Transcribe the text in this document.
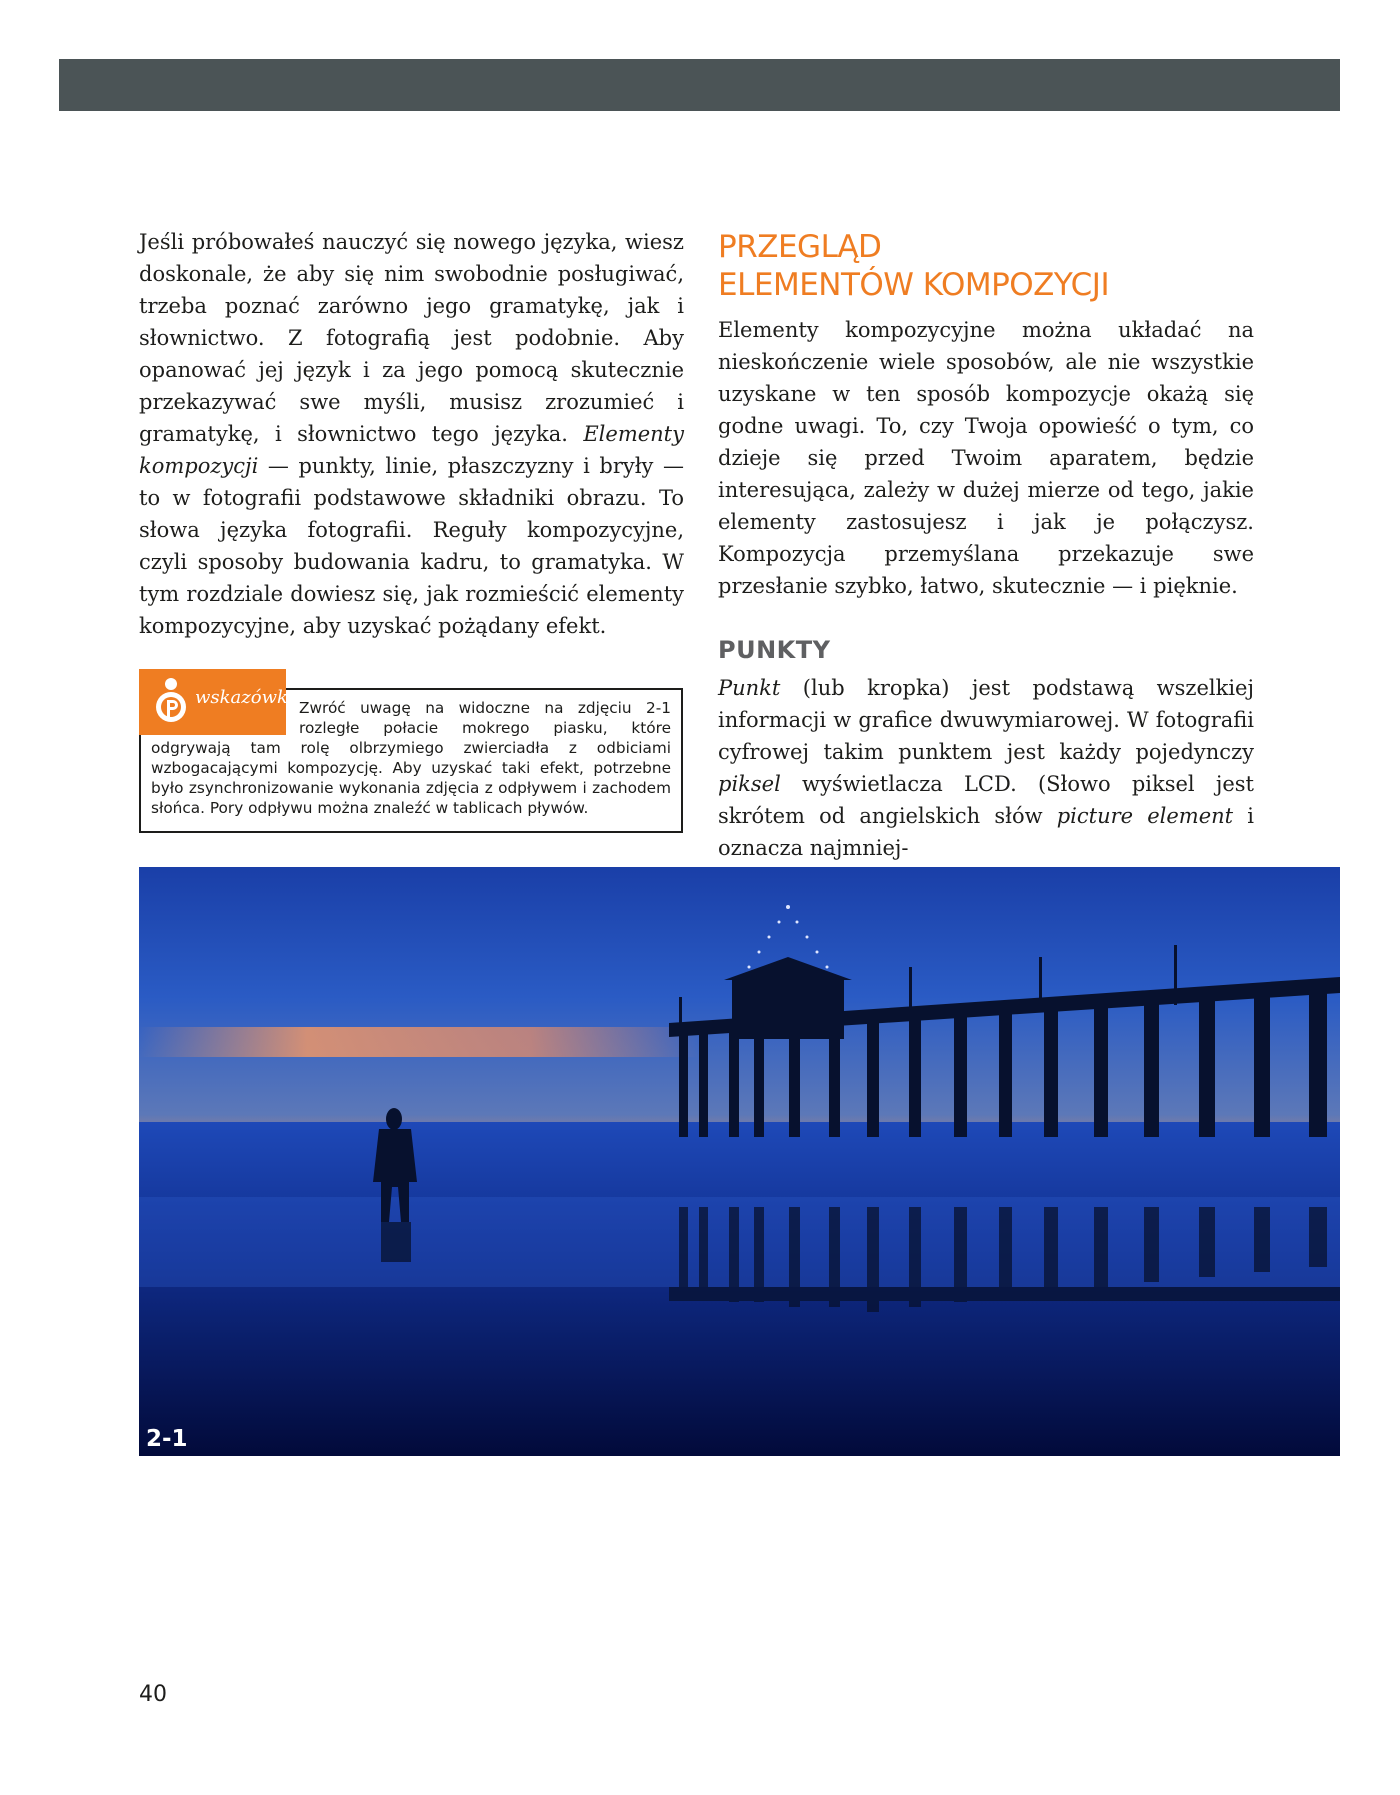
Jeśli próbowałeś nauczyć się nowego języka, wiesz doskonale, że aby się nim swobodnie posługiwać, trzeba poznać zarówno jego gramatykę, jak i słownictwo. Z fotografią jest podobnie. Aby opanować jej język i za jego pomocą skutecznie przekazywać swe myśli, musisz zrozumieć i gramatykę, i słownictwo tego języka. Elementy kompozycji — punkty, linie, płaszczyzny i bryły — to w fotografii podstawowe składniki obrazu. To słowa języka fotografii. Reguły kompozycyjne, czyli sposoby budowania kadru, to gramatyka. W tym rozdziale dowiesz się, jak rozmieścić elementy kompozycyjne, aby uzyskać pożądany efekt.

wskazówka Zwróć uwagę na widoczne na zdjęciu 2-1 rozległe połacie mokrego piasku, które odgrywają tam rolę olbrzymiego zwierciadła z odbiciami wzbogacającymi kompozycję. Aby uzyskać taki efekt, potrzebne było zsynchronizowanie wykonania zdjęcia z odpływem i zachodem słońca. Pory odpływu można znaleźć w tablicach pływów.

PRZEGLĄD
ELEMENTÓW KOMPOZYCJI

Elementy kompozycyjne można układać na nieskończenie wiele sposobów, ale nie wszystkie uzyskane w ten sposób kompozycje okażą się godne uwagi. To, czy Twoja opowieść o tym, co dzieje się przed Twoim aparatem, będzie interesująca, zależy w dużej mierze od tego, jakie elementy zastosujesz i jak je połączysz. Kompozycja przemyślana przekazuje swe przesłanie szybko, łatwo, skutecznie — i pięknie.

PUNKTY

Punkt (lub kropka) jest podstawą wszelkiej informacji w grafice dwuwymiarowej. W fotografii cyfrowej takim punktem jest każdy pojedynczy piksel wyświetlacza LCD. (Słowo piksel jest skrótem od angielskich słów picture element i oznacza najmniej-

2-1
40
